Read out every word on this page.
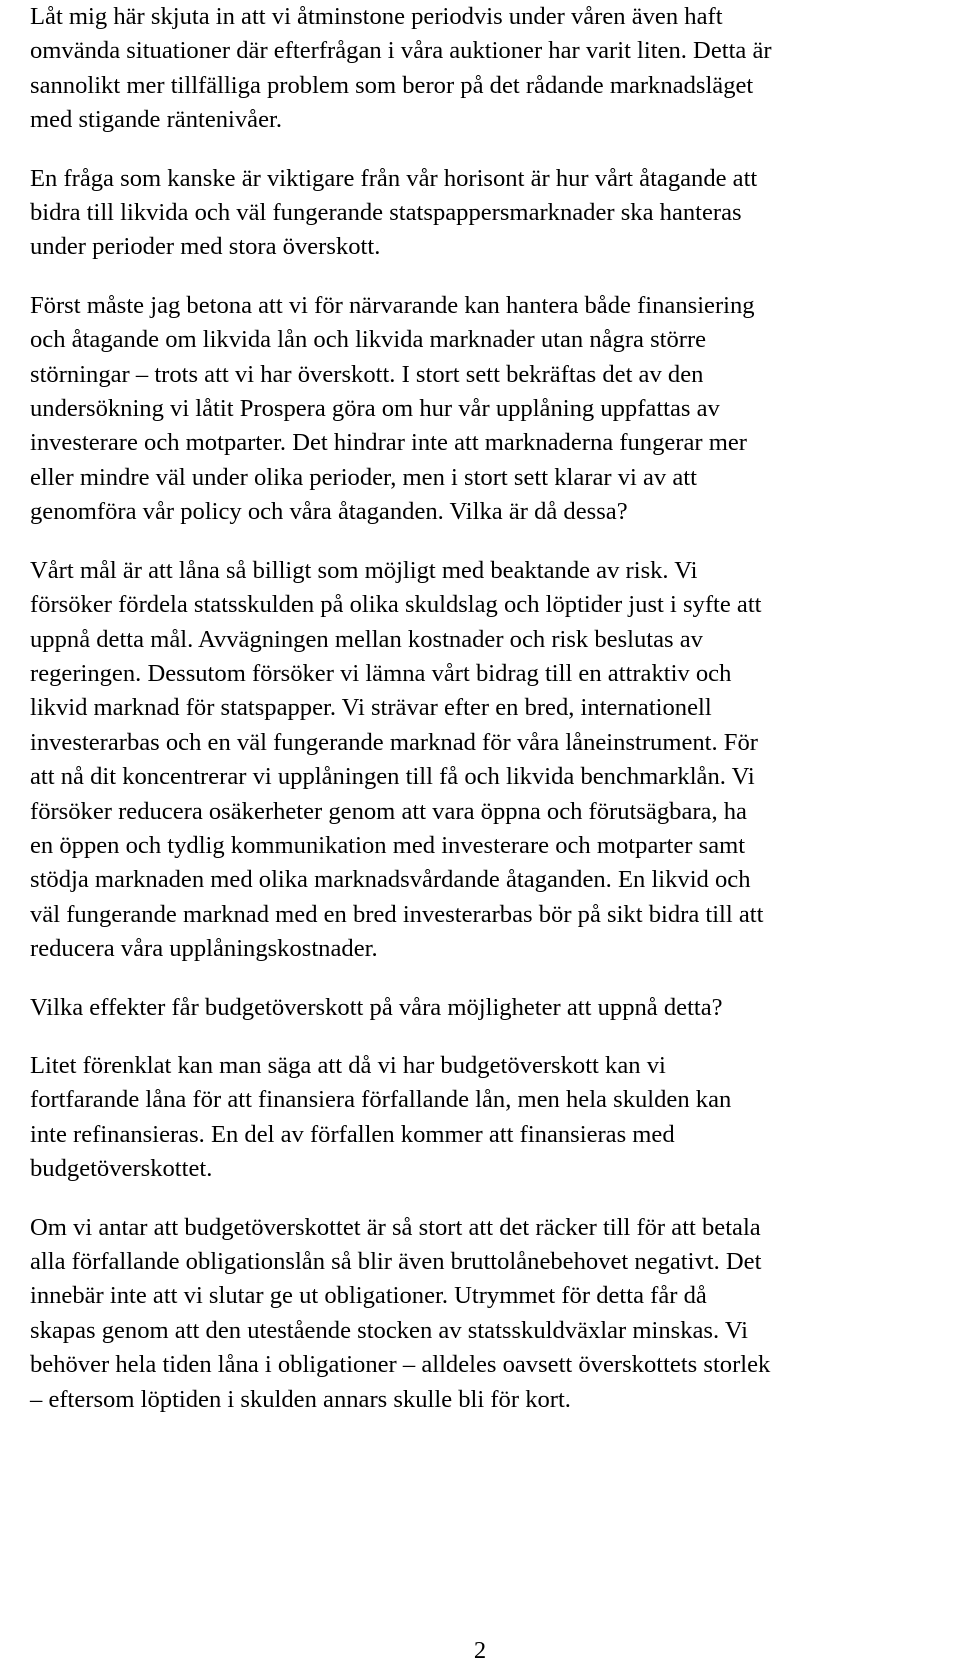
Låt mig här skjuta in att vi åtminstone periodvis under våren även haft
omvända situationer där efterfrågan i våra auktioner har varit liten. Detta är
sannolikt mer tillfälliga problem som beror på det rådande marknadsläget
med stigande räntenivåer.

En fråga som kanske är viktigare från vår horisont är hur vårt åtagande att
bidra till likvida och väl fungerande statspappersmarknader ska hanteras
under perioder med stora överskott.

Först måste jag betona att vi för närvarande kan hantera både finansiering
och åtagande om likvida lån och likvida marknader utan några större
störningar – trots att vi har överskott. I stort sett bekräftas det av den
undersökning vi låtit Prospera göra om hur vår upplåning uppfattas av
investerare och motparter. Det hindrar inte att marknaderna fungerar mer
eller mindre väl under olika perioder, men i stort sett klarar vi av att
genomföra vår policy och våra åtaganden. Vilka är då dessa?

Vårt mål är att låna så billigt som möjligt med beaktande av risk. Vi
försöker fördela statsskulden på olika skuldslag och löptider just i syfte att
uppnå detta mål. Avvägningen mellan kostnader och risk beslutas av
regeringen. Dessutom försöker vi lämna vårt bidrag till en attraktiv och
likvid marknad för statspapper. Vi strävar efter en bred, internationell
investerarbas och en väl fungerande marknad för våra låneinstrument. För
att nå dit koncentrerar vi upplåningen till få och likvida benchmarklån. Vi
försöker reducera osäkerheter genom att vara öppna och förutsägbara, ha
en öppen och tydlig kommunikation med investerare och motparter samt
stödja marknaden med olika marknadsvårdande åtaganden. En likvid och
väl fungerande marknad med en bred investerarbas bör på sikt bidra till att
reducera våra upplåningskostnader.

Vilka effekter får budgetöverskott på våra möjligheter att uppnå detta?

Litet förenklat kan man säga att då vi har budgetöverskott kan vi
fortfarande låna för att finansiera förfallande lån, men hela skulden kan
inte refinansieras. En del av förfallen kommer att finansieras med
budgetöverskottet.

Om vi antar att budgetöverskottet är så stort att det räcker till för att betala
alla förfallande obligationslån så blir även bruttolånebehovet negativt. Det
innebär inte att vi slutar ge ut obligationer. Utrymmet för detta får då
skapas genom att den utestående stocken av statsskuldväxlar minskas. Vi
behöver hela tiden låna i obligationer – alldeles oavsett överskottets storlek
– eftersom löptiden i skulden annars skulle bli för kort.

2
